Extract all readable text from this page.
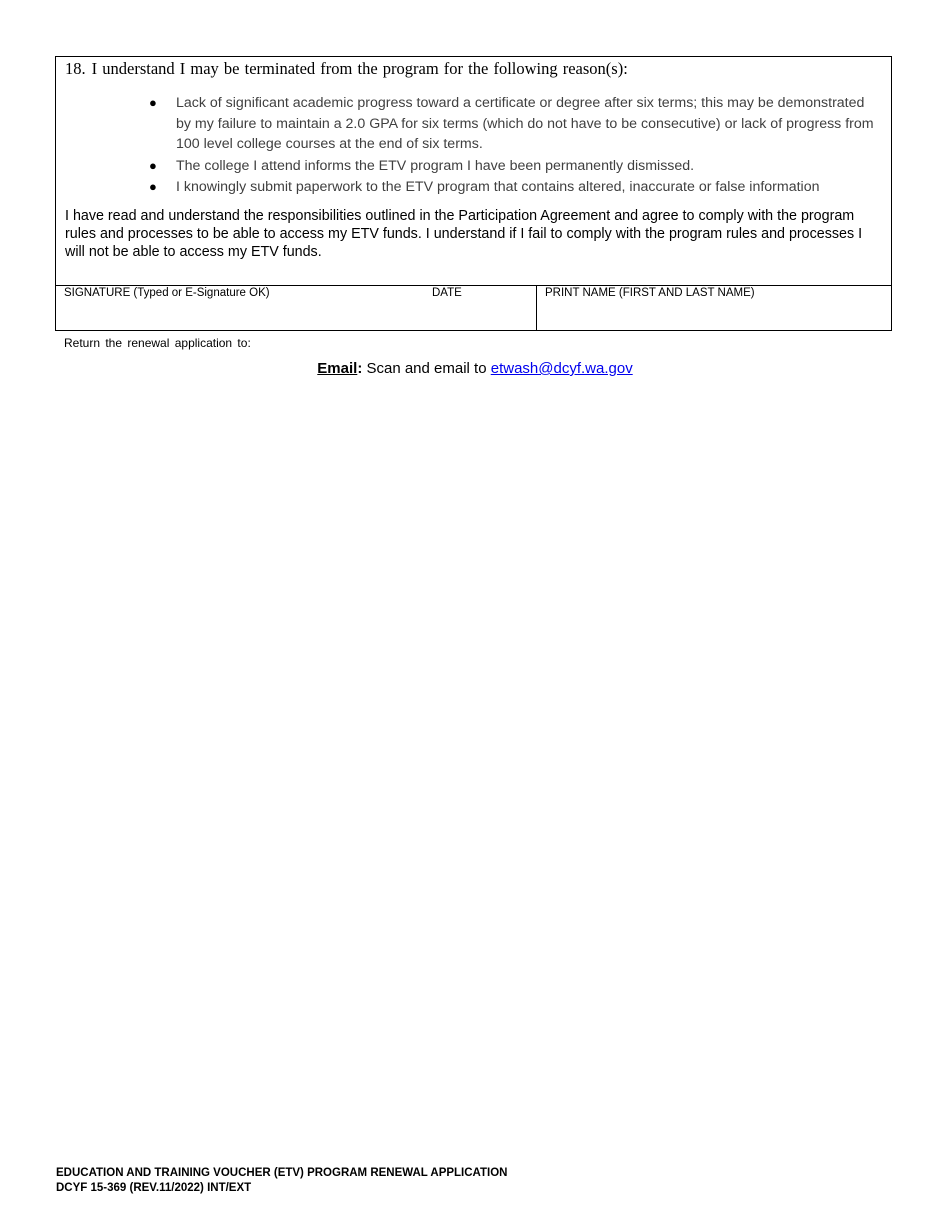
18. I understand I may be terminated from the program for the following reason(s):

● Lack of significant academic progress toward a certificate or degree after six terms; this may be demonstrated by my failure to maintain a 2.0 GPA for six terms (which do not have to be consecutive) or lack of progress from 100 level college courses at the end of six terms.
● The college I attend informs the ETV program I have been permanently dismissed.
● I knowingly submit paperwork to the ETV program that contains altered, inaccurate or false information

I have read and understand the responsibilities outlined in the Participation Agreement and agree to comply with the program rules and processes to be able to access my ETV funds. I understand if I fail to comply with the program rules and processes I will not be able to access my ETV funds.

SIGNATURE (Typed or E-Signature OK)	DATE	PRINT NAME (FIRST AND LAST NAME)
Return the renewal application to:
Email: Scan and email to etwash@dcyf.wa.gov
EDUCATION AND TRAINING VOUCHER (ETV) PROGRAM RENEWAL APPLICATION
DCYF 15-369 (REV.11/2022) INT/EXT
